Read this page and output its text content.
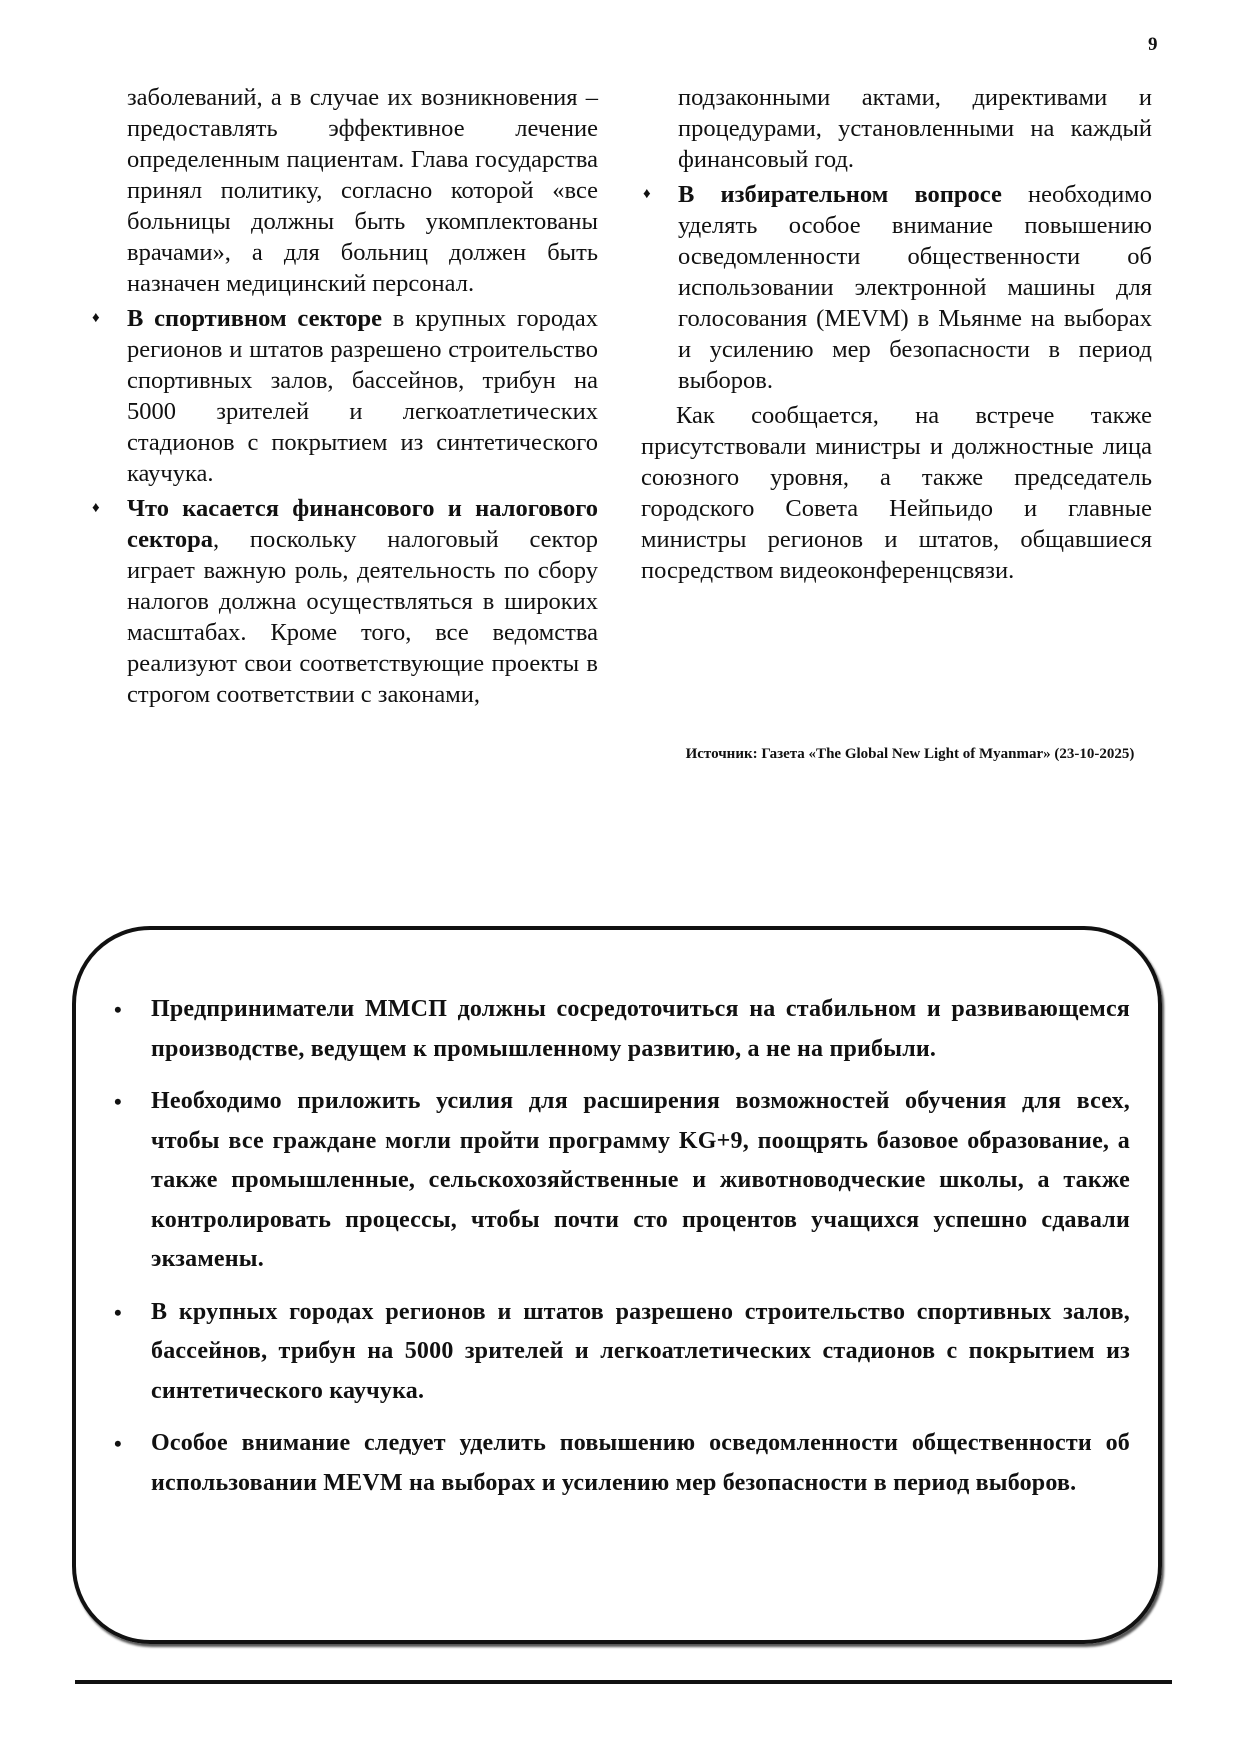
9

заболеваний, а в случае их возникновения – предоставлять эффективное лечение определенным пациентам. Глава государства принял политику, согласно которой «все больницы должны быть укомплектованы врачами», а для больниц должен быть назначен медицинский персонал.

♦ В спортивном секторе в крупных городах регионов и штатов разрешено строительство спортивных залов, бассейнов, трибун на 5000 зрителей и легкоатлетических стадионов с покрытием из синтетического каучука.

♦ Что касается финансового и налогового сектора, поскольку налоговый сектор играет важную роль, деятельность по сбору налогов должна осуществляться в широких масштабах. Кроме того, все ведомства реализуют свои соответствующие проекты в строгом соответствии с законами,

подзаконными актами, директивами и процедурами, установленными на каждый финансовый год.

♦ В избирательном вопросе необходимо уделять особое внимание повышению осведомленности общественности об использовании электронной машины для голосования (MEVM) в Мьянме на выборах и усилению мер безопасности в период выборов.

Как сообщается, на встрече также присутствовали министры и должностные лица союзного уровня, а также председатель городского Совета Нейпьидо и главные министры регионов и штатов, общавшиеся посредством видеоконференцсвязи.

Источник: Газета «The Global New Light of Myanmar» (23-10-2025)
• Предприниматели ММСП должны сосредоточиться на стабильном и развивающемся производстве, ведущем к промышленному развитию, а не на прибыли.
• Необходимо приложить усилия для расширения возможностей обучения для всех, чтобы все граждане могли пройти программу KG+9, поощрять базовое образование, а также промышленные, сельскохозяйственные и животноводческие школы, а также контролировать процессы, чтобы почти сто процентов учащихся успешно сдавали экзамены.
• В крупных городах регионов и штатов разрешено строительство спортивных залов, бассейнов, трибун на 5000 зрителей и легкоатлетических стадионов с покрытием из синтетического каучука.
• Особое внимание следует уделить повышению осведомленности общественности об использовании MEVM на выборах и усилению мер безопасности в период выборов.
